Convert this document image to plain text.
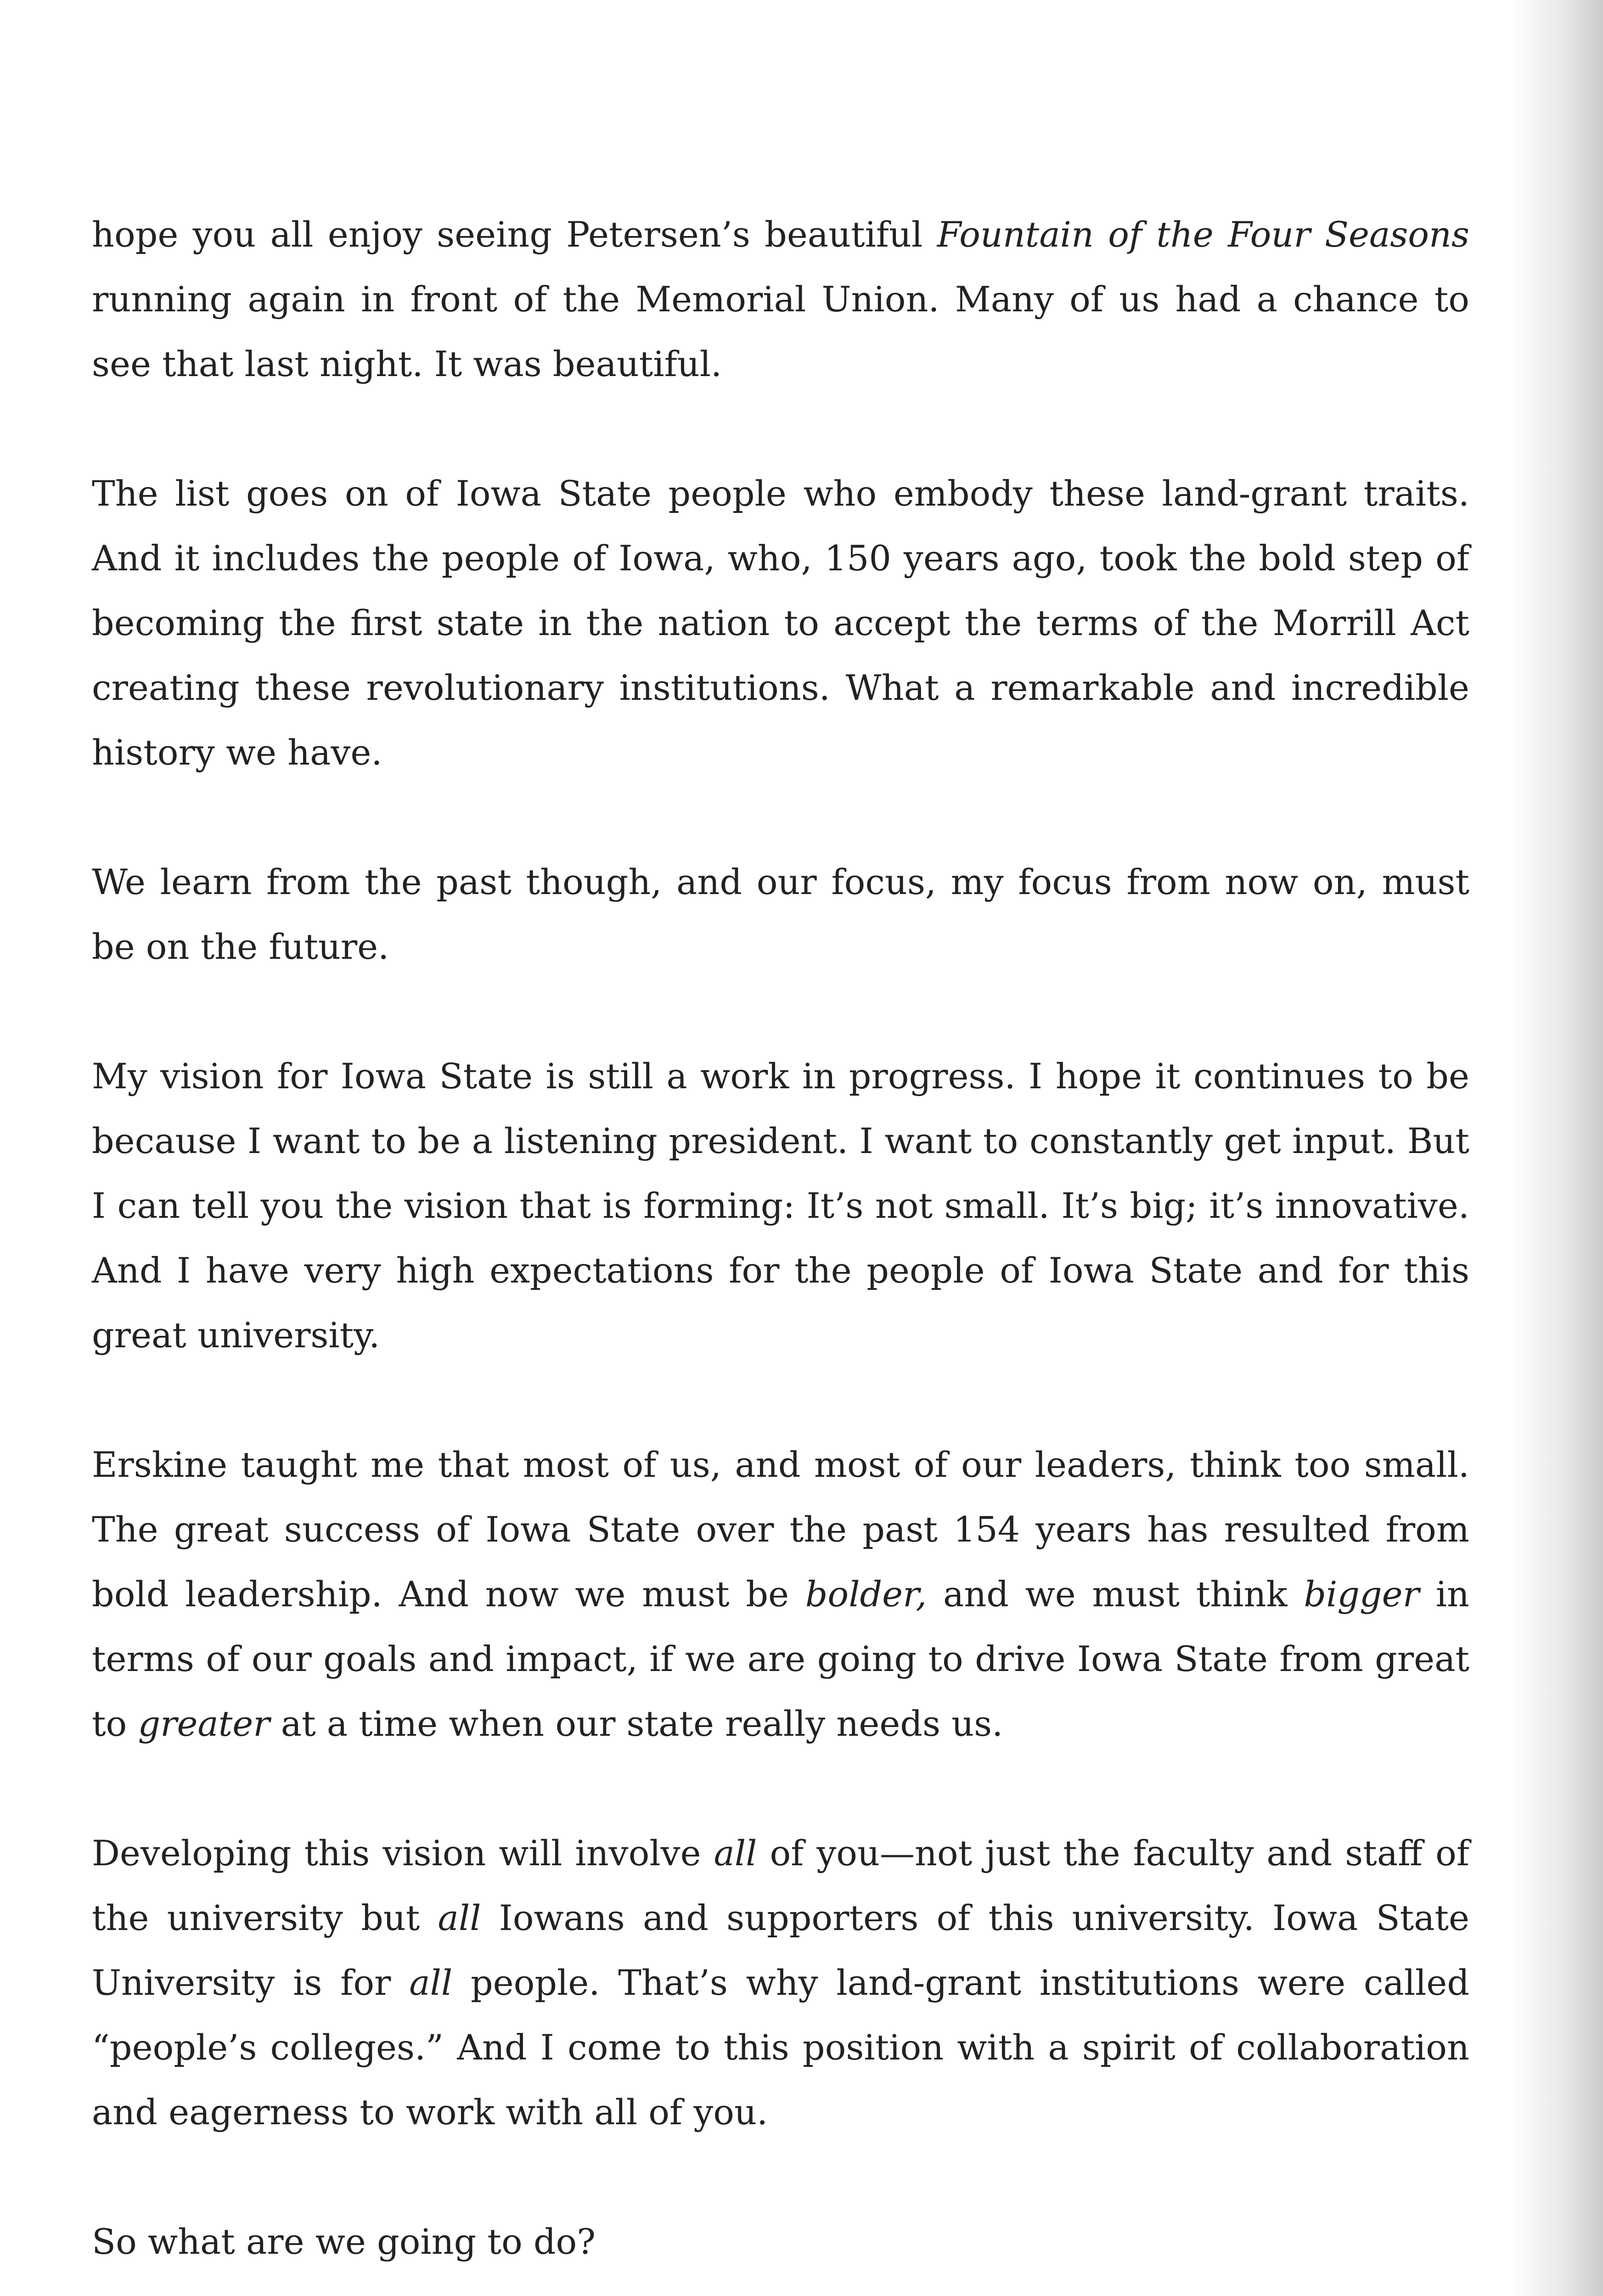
hope you all enjoy seeing Petersen’s beautiful Fountain of the Four Seasons running again in front of the Memorial Union. Many of us had a chance to see that last night. It was beautiful.

The list goes on of Iowa State people who embody these land-grant traits. And it includes the people of Iowa, who, 150 years ago, took the bold step of becoming the first state in the nation to accept the terms of the Morrill Act creating these revolutionary institutions. What a remarkable and incredible history we have.

We learn from the past though, and our focus, my focus from now on, must be on the future.

My vision for Iowa State is still a work in progress. I hope it continues to be because I want to be a listening president. I want to constantly get input. But I can tell you the vision that is forming: It’s not small. It’s big; it’s innovative. And I have very high expectations for the people of Iowa State and for this great university.

Erskine taught me that most of us, and most of our leaders, think too small. The great success of Iowa State over the past 154 years has resulted from bold leadership. And now we must be bolder, and we must think bigger in terms of our goals and impact, if we are going to drive Iowa State from great to greater at a time when our state really needs us.

Developing this vision will involve all of you—not just the faculty and staff of the university but all Iowans and supporters of this university. Iowa State University is for all people. That’s why land-grant institutions were called “people’s colleges.” And I come to this position with a spirit of collaboration and eagerness to work with all of you.

So what are we going to do?
